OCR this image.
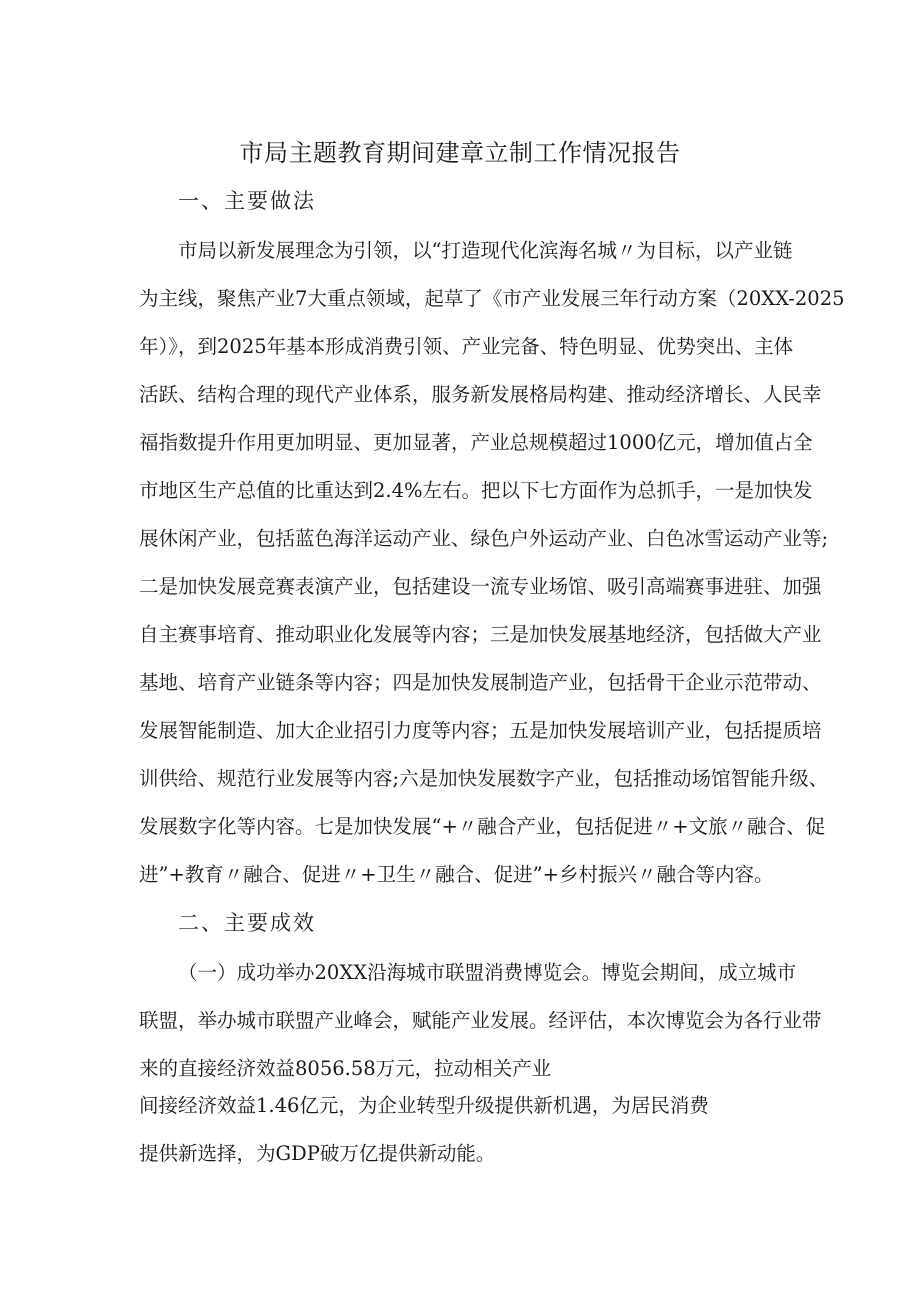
市局主题教育期间建章立制工作情况报告

一、主要做法

市局以新发展理念为引领，以“打造现代化滨海名城〃为目标，以产业链

为主线，聚焦产业7大重点领域，起草了《市产业发展三年行动方案（20XX-2025

年）》，到2025年基本形成消费引领、产业完备、特色明显、优势突出、主体

活跃、结构合理的现代产业体系，服务新发展格局构建、推动经济增长、人民幸

福指数提升作用更加明显、更加显著，产业总规模超过1000亿元，增加值占全

市地区生产总值的比重达到2.4%左右。把以下七方面作为总抓手，一是加快发

展休闲产业，包括蓝色海洋运动产业、绿色户外运动产业、白色冰雪运动产业等;

二是加快发展竞赛表演产业，包括建设一流专业场馆、吸引高端赛事进驻、加强

自主赛事培育、推动职业化发展等内容；三是加快发展基地经济，包括做大产业

基地、培育产业链条等内容；四是加快发展制造产业，包括骨干企业示范带动、

发展智能制造、加大企业招引力度等内容；五是加快发展培训产业，包括提质培

训供给、规范行业发展等内容;六是加快发展数字产业，包括推动场馆智能升级、

发展数字化等内容。七是加快发展“+〃融合产业，包括促进〃+文旅〃融合、促

进”+教育〃融合、促进〃+卫生〃融合、促进”+乡村振兴〃融合等内容。

二、主要成效

（一）成功举办20XX沿海城市联盟消费博览会。博览会期间，成立城市

联盟，举办城市联盟产业峰会，赋能产业发展。经评估，本次博览会为各行业带

来的直接经济效益8056.58万元，拉动相关产业

间接经济效益1.46亿元，为企业转型升级提供新机遇，为居民消费

提供新选择，为GDP破万亿提供新动能。
